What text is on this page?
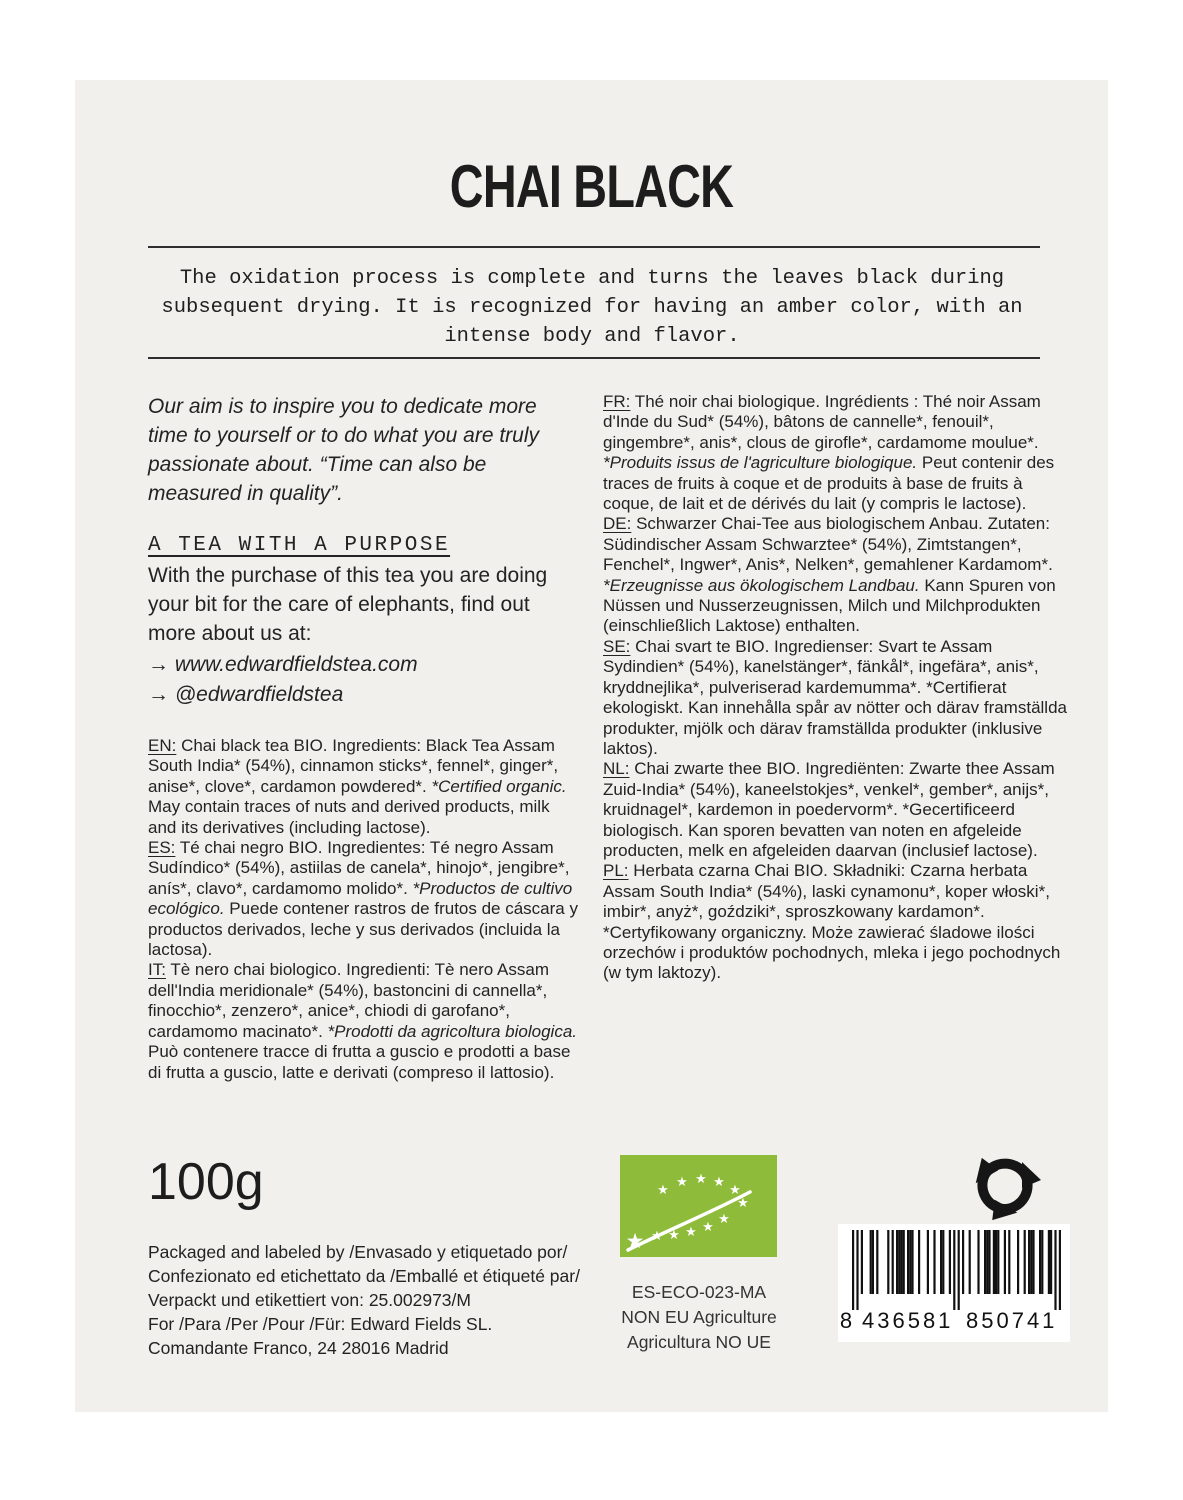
CHAI BLACK
The oxidation process is complete and turns the leaves black during subsequent drying. It is recognized for having an amber color, with an intense body and flavor.

Our aim is to inspire you to dedicate more time to yourself or to do what you are truly passionate about. “Time can also be measured in quality”.

A TEA WITH A PURPOSE

With the purchase of this tea you are doing your bit for the care of elephants, find out more about us at:

→ www.edwardfieldstea.com
→ @edwardfieldstea

EN: Chai black tea BIO. Ingredients: Black Tea Assam South India* (54%), cinnamon sticks*, fennel*, ginger*, anise*, clove*, cardamon powdered*. *Certified organic. May contain traces of nuts and derived products, milk and its derivatives (including lactose).

ES: Té chai negro BIO. Ingredientes: Té negro Assam Sudíndico* (54%), astiilas de canela*, hinojo*, jengibre*, anís*, clavo*, cardamomo molido*. *Productos de cultivo ecológico. Puede contener rastros de frutos de cáscara y productos derivados, leche y sus derivados (incluida la lactosa).

IT: Tè nero chai biologico. Ingredienti: Tè nero Assam dell'India meridionale* (54%), bastoncini di cannella*, finocchio*, zenzero*, anice*, chiodi di garofano*, cardamomo macinato*. *Prodotti da agricoltura biologica. Può contenere tracce di frutta a guscio e prodotti a base di frutta a guscio, latte e derivati (compreso il lattosio).

FR: Thé noir chai biologique. Ingrédients : Thé noir Assam d'Inde du Sud* (54%), bâtons de cannelle*, fenouil*, gingembre*, anis*, clous de girofle*, cardamome moulue*. *Produits issus de l'agriculture biologique. Peut contenir des traces de fruits à coque et de produits à base de fruits à coque, de lait et de dérivés du lait (y compris le lactose).

DE: Schwarzer Chai-Tee aus biologischem Anbau. Zutaten: Südindischer Assam Schwarztee* (54%), Zimtstangen*, Fenchel*, Ingwer*, Anis*, Nelken*, gemahlener Kardamom*. *Erzeugnisse aus ökologischem Landbau. Kann Spuren von Nüssen und Nusserzeugnissen, Milch und Milchprodukten (einschließlich Laktose) enthalten.

SE: Chai svart te BIO. Ingredienser: Svart te Assam Sydindien* (54%), kanelstänger*, fänkål*, ingefära*, anis*, kryddnejlika*, pulveriserad kardemumma*. *Certifierat ekologiskt. Kan innehålla spår av nötter och därav framställda produkter, mjölk och därav framställda produkter (inklusive laktos).

NL: Chai zwarte thee BIO. Ingrediënten: Zwarte thee Assam Zuid-India* (54%), kaneelstokjes*, venkel*, gember*, anijs*, kruidnagel*, kardemon in poedervorm*. *Gecertificeerd biologisch. Kan sporen bevatten van noten en afgeleide producten, melk en afgeleiden daarvan (inclusief lactose).

PL: Herbata czarna Chai BIO. Składniki: Czarna herbata Assam South India* (54%), laski cynamonu*, koper włoski*, imbir*, anyż*, goździki*, sproszkowany kardamon*. *Certyfikowany organiczny. Może zawierać śladowe ilości orzechów i produktów pochodnych, mleka i jego pochodnych (w tym laktozy).

100g
Packaged and labeled by /Envasado y etiquetado por/
Confezionato ed etichettato da /Emballé et étiqueté par/
Verpackt und etikettiert von: 25.002973/M
For /Para /Per /Pour /Für: Edward Fields SL.
Comandante Franco, 24 28016 Madrid
★
★ ★ ★
★
★
★
★
★
★
★
★
ES-ECO-023-MA
NON EU Agriculture
Agricultura NO UE
8 436581 850741
